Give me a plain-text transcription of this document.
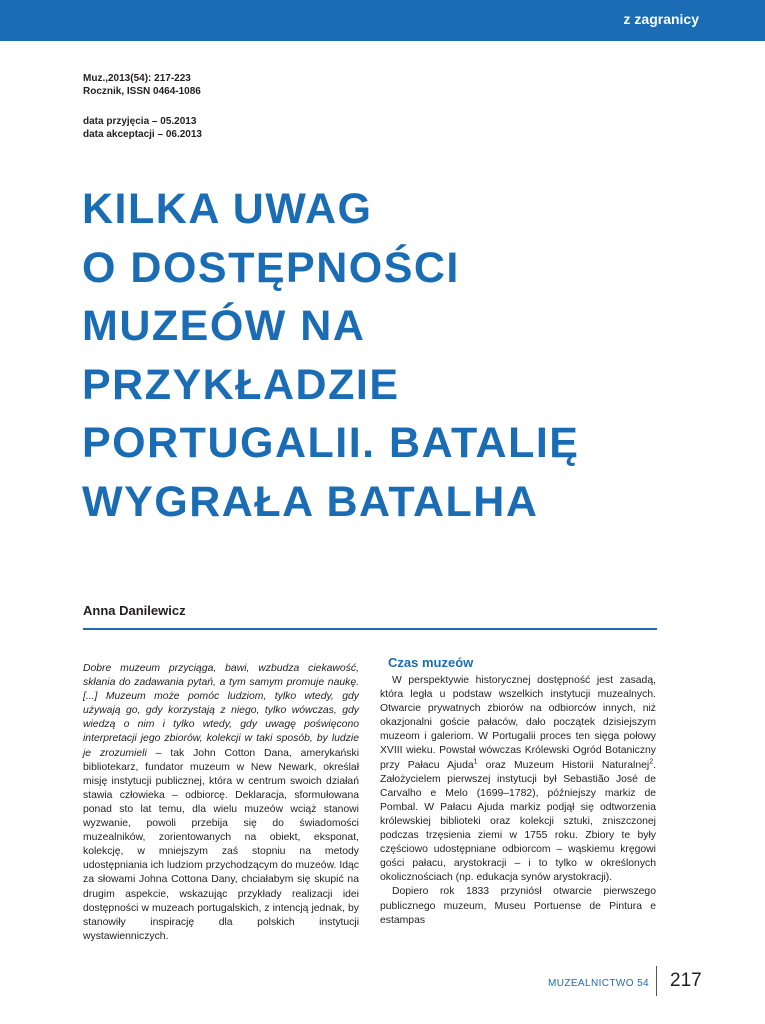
z zagranicy
Muz.,2013(54): 217-223
Rocznik, ISSN 0464-1086
data przyjęcia – 05.2013
data akceptacji – 06.2013
KILKA UWAG
O DOSTĘPNOŚCI
MUZEÓW NA
PRZYKŁADZIE
PORTUGALII. BATALIĘ
WYGRAŁA BATALHA
Anna Danilewicz

Dobre muzeum przyciąga, bawi, wzbudza ciekawość, skłania do zadawania pytań, a tym samym promuje naukę. [...] Muzeum może pomóc ludziom, tylko wtedy, gdy używają go, gdy korzystają z niego, tylko wówczas, gdy wiedzą o nim i tylko wtedy, gdy uwagę poświęcono interpretacji jego zbiorów, kolekcji w taki sposób, by ludzie je zrozumieli – tak John Cotton Dana, amerykański bibliotekarz, fundator muzeum w New Newark, określał misję instytucji publicznej, która w centrum swoich działań stawia człowieka – odbiorcę. Deklaracja, sformułowana ponad sto lat temu, dla wielu muzeów wciąż stanowi wyzwanie, powoli przebija się do świadomości muzealników, zorientowanych na obiekt, eksponat, kolekcję, w mniejszym zaś stopniu na metody udostępniania ich ludziom przychodzącym do muzeów. Idąc za słowami Johna Cottona Dany, chciałabym się skupić na drugim aspekcie, wskazując przykłady realizacji idei dostępności w muzeach portugalskich, z intencją jednak, by stanowiły inspirację dla polskich instytucji wystawienniczych.

Czas muzeów

W perspektywie historycznej dostępność jest zasadą, która legła u podstaw wszelkich instytucji muzealnych. Otwarcie prywatnych zbiorów na odbiorców innych, niż okazjonalni goście pałaców, dało początek dzisiejszym muzeom i galeriom. W Portugalii proces ten sięga połowy XVIII wieku. Powstał wówczas Królewski Ogród Botaniczny przy Pałacu Ajuda$^1$ oraz Muzeum Historii Naturalnej$^2$. Założycielem pierwszej instytucji był Sebastião José de Carvalho e Melo (1699–1782), późniejszy markiz de Pombal. W Pałacu Ajuda markiz podjął się odtworzenia królewskiej biblioteki oraz kolekcji sztuki, zniszczonej podczas trzęsienia ziemi w 1755 roku. Zbiory te były częściowo udostępniane odbiorcom – wąskiemu kręgowi gości pałacu, arystokracji – i to tylko w określonych okolicznościach (np. edukacja synów arystokracji).

Dopiero rok 1833 przyniósł otwarcie pierwszego publicznego muzeum, Museu Portuense de Pintura e estampas

MUZEALNICTWO 54 217
